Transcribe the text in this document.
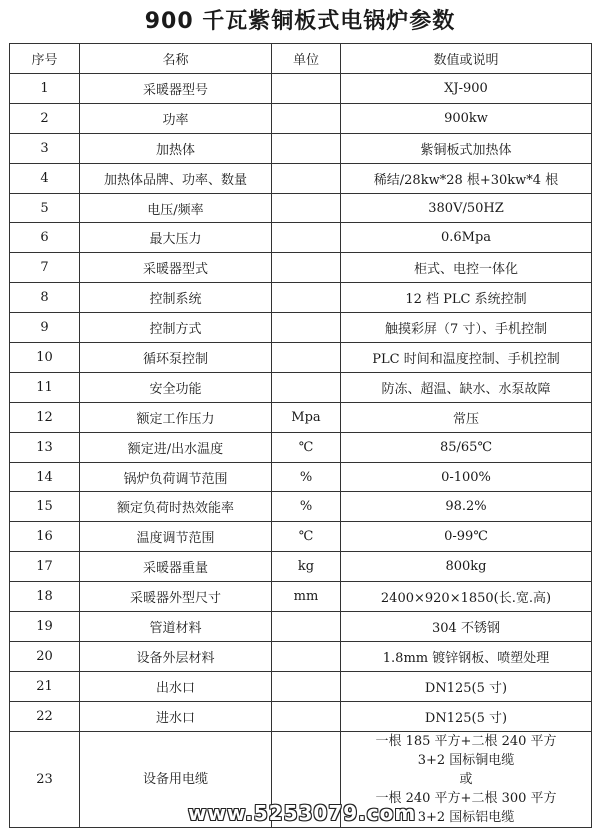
900 千瓦紫铜板式电锅炉参数
序号	名称	单位	数值或说明
1	采暖器型号		XJ-900
2	功率		900kw
3	加热体		紫铜板式加热体
4	加热体品牌、功率、数量		稀结/28kw*28 根+30kw*4 根
5	电压/频率		380V/50HZ
6	最大压力		0.6Mpa
7	采暖器型式		柜式、电控一体化
8	控制系统		12 档 PLC 系统控制
9	控制方式		触摸彩屏（7 寸）、手机控制
10	循环泵控制		PLC 时间和温度控制、手机控制
11	安全功能		防冻、超温、缺水、水泵故障
12	额定工作压力	Mpa	常压
13	额定进/出水温度	℃	85/65℃
14	锅炉负荷调节范围	%	0-100%
15	额定负荷时热效能率	%	98.2%
16	温度调节范围	℃	0-99℃
17	采暖器重量	kg	800kg
18	采暖器外型尺寸	mm	2400×920×1850(长.宽.高)
19	管道材料		304 不锈钢
20	设备外层材料		1.8mm 镀锌钢板、喷塑处理
21	出水口		DN125(5 寸)
22	进水口		DN125(5 寸)
23	设备用电缆		一根 185 平方+二根 240 平方
3+2 国标铜电缆
或
一根 240 平方+二根 300 平方
3+2 国标铝电缆
www.5253079.com
